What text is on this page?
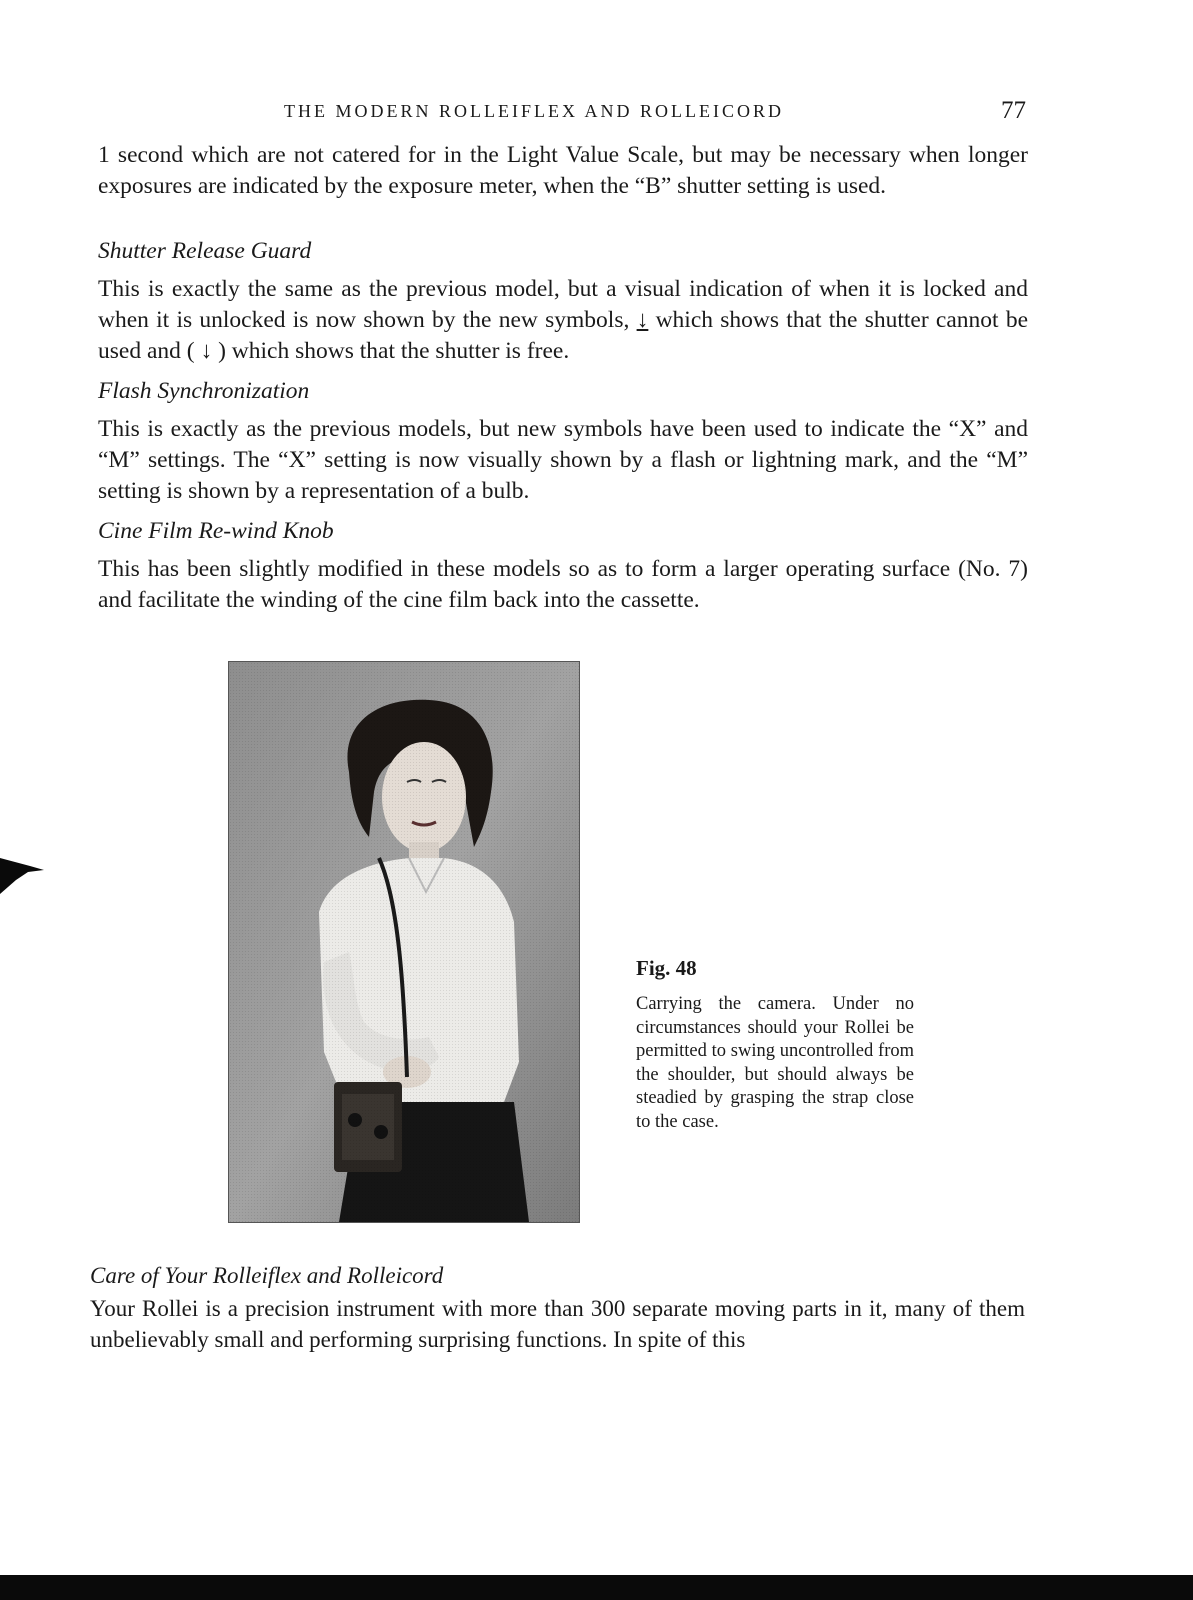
THE MODERN ROLLEIFLEX AND ROLLEICORD	77

1 second which are not catered for in the Light Value Scale, but may be necessary when longer exposures are indicated by the exposure meter, when the “B” shutter setting is used.

Shutter Release Guard

This is exactly the same as the previous model, but a visual indication of when it is locked and when it is unlocked is now shown by the new symbols, ↓ which shows that the shutter cannot be used and ( ↓ ) which shows that the shutter is free.

Flash Synchronization

This is exactly as the previous models, but new symbols have been used to indicate the “X” and “M” settings. The “X” setting is now visually shown by a flash or lightning mark, and the “M” setting is shown by a representation of a bulb.

Cine Film Re-wind Knob

This has been slightly modified in these models so as to form a larger operating surface (No. 7) and facilitate the winding of the cine film back into the cassette.

Fig. 48

Carrying the camera. Under no circumstances should your Rollei be permitted to swing uncontrolled from the shoulder, but should always be steadied by grasping the strap close to the case.

Care of Your Rolleiflex and Rolleicord

Your Rollei is a precision instrument with more than 300 separate moving parts in it, many of them unbelievably small and performing surprising functions. In spite of this
